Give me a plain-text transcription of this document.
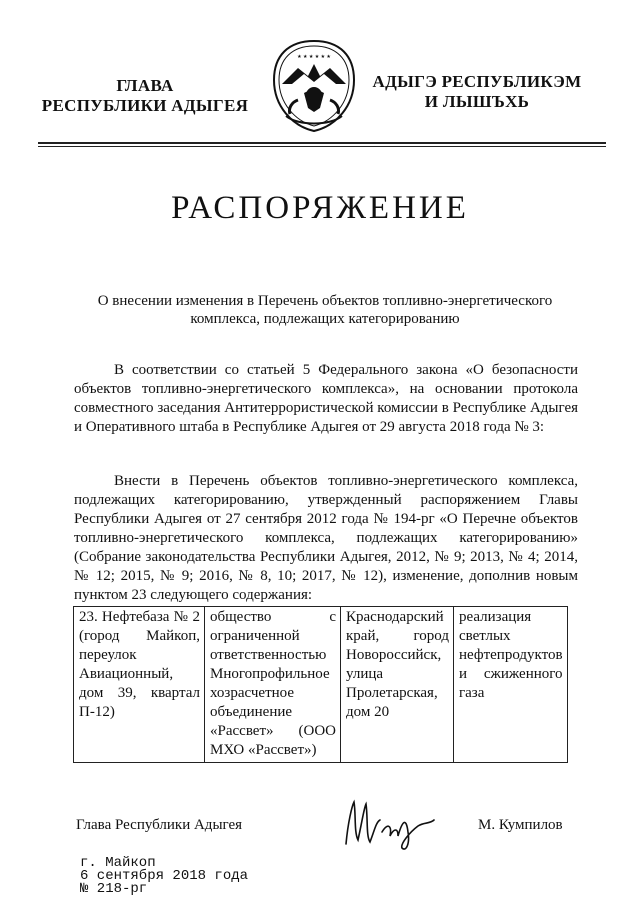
ГЛАВА
РЕСПУБЛИКИ АДЫГЕЯ
★ ★ ★ ★ ★ ★
АДЫГЭ РЕСПУБЛИКЭМ
И ЛЫШЪХЬ
РАСПОРЯЖЕНИЕ
О внесении изменения в Перечень объектов топливно-энергетического комплекса, подлежащих категорированию

В соответствии со статьей 5 Федерального закона «О безопасности объектов топливно-энергетического комплекса», на основании протокола совместного заседания Антитеррористической комиссии в Республике Адыгея и Оперативного штаба в Республике Адыгея от 29 августа 2018 года № 3:

Внести в Перечень объектов топливно-энергетического комплекса, подлежащих категорированию, утвержденный распоряжением Главы Республики Адыгея от 27 сентября 2012 года № 194-рг «О Перечне объектов топливно-энергетического комплекса, подлежащих категорированию» (Собрание законодательства Республики Адыгея, 2012, № 9; 2013, № 4; 2014, № 12; 2015, № 9; 2016, № 8, 10; 2017, № 12), изменение, дополнив новым пунктом 23 следующего содержания:

23. Нефтебаза № 2 (город Майкоп, переулок Авиационный, дом 39, квартал П-12)	общество с ограниченной ответственностью Многопрофильное хозрасчетное объединение «Рассвет» (ООО МХО «Рассвет»)	Краснодарский край, город Новороссийск, улица Пролетарская, дом 20	реализация светлых нефтепродуктов и сжиженного газа
Глава Республики Адыгея	М. Кумпилов
г. Майкоп
6 сентября 2018 года
№ 218-рг
